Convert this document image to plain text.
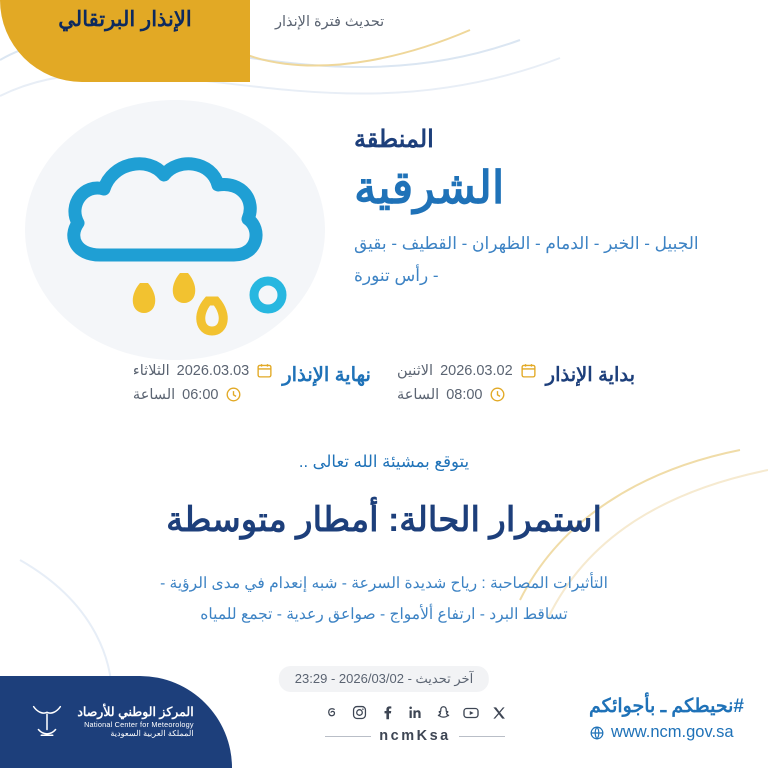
الإنذار البرتقالي	تحديث فترة الإنذار
المنطقة
الشرقية
الجبيل - الخبر - الدمام - الظهران - القطيف - بقيق
- رأس تنورة
بداية الإنذار
2026.03.02
الاثنين
08:00
الساعة
نهاية الإنذار
2026.03.03
الثلاثاء
06:00
الساعة
يتوقع بمشيئة الله تعالى ..
استمرار الحالة: أمطار متوسطة
التأثيرات المصاحبة : رياح شديدة السرعة - شبه إنعدام في مدى الرؤية -
تساقط البرد - ارتفاع ألأمواج - صواعق رعدية - تجمع للمياه
آخر تحديث - 2026/03/02 - 23:29
المركز الوطني للأرصاد
National Center for Meteorology
المملكة العربية السعودية	ncmKsa
#نحيطكم ـ بأجوائكم
www.ncm.gov.sa
